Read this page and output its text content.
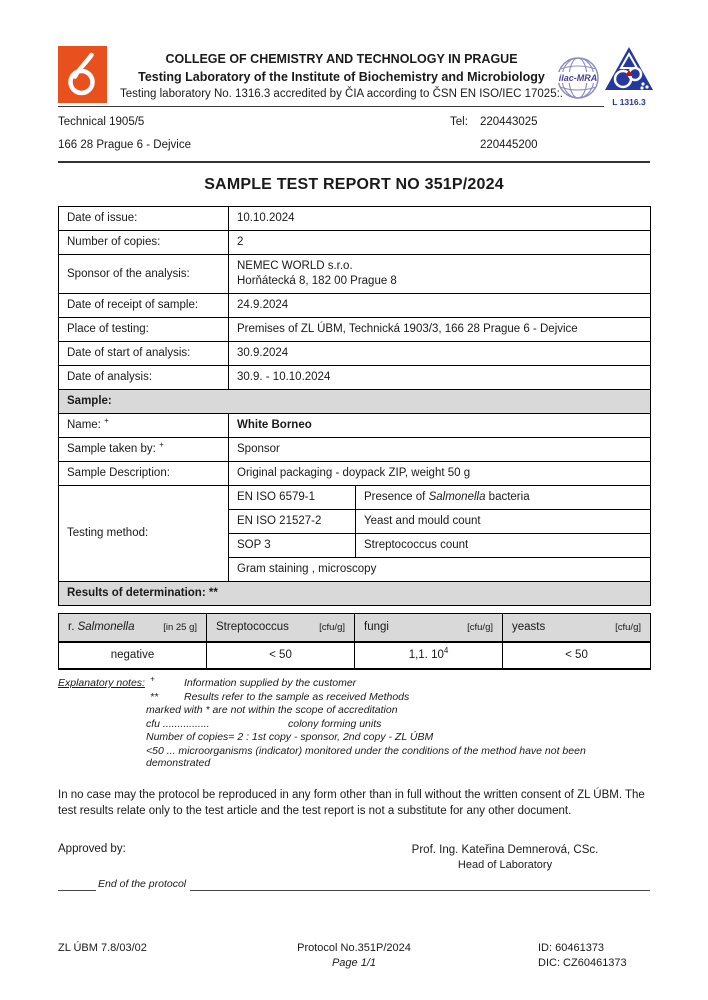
COLLEGE OF CHEMISTRY AND TECHNOLOGY IN PRAGUE
Testing Laboratory of the Institute of Biochemistry and Microbiology
Testing laboratory No. 1316.3 accredited by ČIA according to ČSN EN ISO/IEC 17025:.
ilac-MRA
L 1316.3
Technical 1905/5	Tel:	220443025
166 28 Prague 6 - Dejvice	220445200
SAMPLE TEST REPORT NO 351P/2024
Date of issue:	10.10.2024	
Number of copies:	2	
Sponsor of the analysis:	NEMEC WORLD s.r.o.
Horňátecká 8, 182 00 Prague 8	

Date of receipt of sample:	24.9.2024	
Place of testing:	Premises of ZL ÚBM, Technická 1903/3, 166 28 Prague 6 - Dejvice	
Date of start of analysis:	30.9.2024	
Date of analysis:	30.9. - 10.10.2024	
Sample:		
Name: +	White Borneo	
Sample taken by: +	Sponsor	
Sample Description:	Original packaging - doypack ZIP, weight 50 g	
Testing method:	EN ISO 6579-1	Presence of Salmonella bacteria
	EN ISO 21527-2	Yeast and mould count
	SOP 3	Streptococcus count
	Gram staining , microscopy	
Results of determination: **		
r. Salmonella [in 25 g]	Streptococcus [cfu/g]	fungi [cfu/g]	yeasts [cfu/g]

negative	< 50	1,1. $10^4$	< 50
Explanatory notes: +	Information supplied by the customer
**	Results refer to the sample as received Methods
marked with * are not within the scope of accreditation
cfu ................	colony forming units
Number of copies= 2 : 1st copy - sponsor, 2nd copy - ZL ÚBM
<50 ... microorganisms (indicator) monitored under the conditions of the method have not been demonstrated
In no case may the protocol be reproduced in any form other than in full without the written consent of ZL ÚBM. The test results relate only to the test article and the test report is not a substitute for any other document.
Approved by:	Prof. Ing. Kateřina Demnerová, CSc.
Head of Laboratory
End of the protocol
ZL ÚBM 7.8/03/02	Protocol No.351P/2024
Page 1/1
ID: 60461373
DIC: CZ60461373
